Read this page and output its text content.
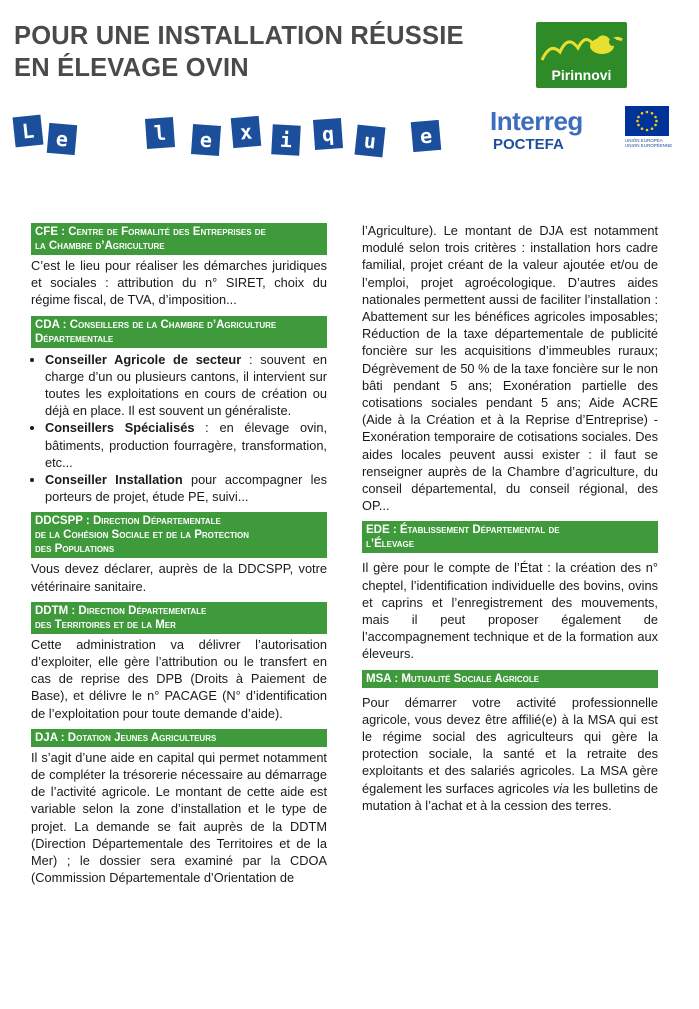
POUR UNE INSTALLATION RÉUSSIE
EN ÉLEVAGE OVIN
L e	l	e	x	i	q	u	e
Pirinnovi
Interreg
POCTEFA	UNIÓN EUROPEA
UNION EUROPÉENNE
CFE : Centre de Formalité des Entreprises de
la Chambre d’Agriculture

C’est le lieu pour réaliser les démarches juridiques et sociales : attribution du n° SIRET, choix du régime fiscal, de TVA, d’imposition...

CDA : Conseillers de la Chambre d’Agriculture
Départementale
• Conseiller Agricole de secteur : souvent en charge d’un ou plusieurs cantons, il intervient sur toutes les exploitations en cours de création ou déjà en place. Il est souvent un généraliste.
• Conseillers Spécialisés : en élevage ovin, bâtiments, production fourragère, transformation, etc...
• Conseiller Installation pour accompagner les porteurs de projet, étude PE, suivi...
DDCSPP : Direction Départementale
de la Cohésion Sociale et de la Protection
des Populations

Vous devez déclarer, auprès de la DDCSPP, votre vétérinaire sanitaire.

DDTM : Direction Départementale
des Territoires et de la Mer

Cette administration va délivrer l’autorisation d’exploiter, elle gère l’attribution ou le transfert en cas de reprise des DPB (Droits à Paiement de Base), et délivre le n° PACAGE (N° d’identification de l’exploitation pour toute demande d’aide).

DJA : Dotation Jeunes Agriculteurs

Il s’agit d’une aide en capital qui permet notamment de compléter la trésorerie nécessaire au démarrage de l’activité agricole. Le montant de cette aide est variable selon la zone d’installation et le type de projet. La demande se fait auprès de la DDTM (Direction Départementale des Territoires et de la Mer) ; le dossier sera examiné par la CDOA (Commission Départementale d’Orientation de

l’Agriculture). Le montant de DJA est notamment modulé selon trois critères : installation hors cadre familial, projet créant de la valeur ajoutée et/ou de l’emploi, projet agroécologique. D’autres aides nationales permettent aussi de faciliter l’installation : Abattement sur les bénéfices agricoles imposables; Réduction de la taxe départementale de publicité foncière sur les acquisitions d’immeubles ruraux; Dégrèvement de 50 % de la taxe foncière sur le non bâti pendant 5 ans; Exonération partielle des cotisations sociales pendant 5 ans; Aide ACRE (Aide à la Création et à la Reprise d’Entreprise) - Exonération temporaire de cotisations sociales. Des aides locales peuvent aussi exister : il faut se renseigner auprès de la Chambre d’agriculture, du conseil départemental, du conseil régional, des OP...

EDE : Établissement Départemental de
l’Élevage

Il gère pour le compte de l’État : la création des n° cheptel, l’identification individuelle des bovins, ovins et caprins et l’enregistrement des mouvements, mais il peut proposer également de l’accompagnement technique et de la formation aux éleveurs.

MSA : Mutualité Sociale Agricole

Pour démarrer votre activité professionnelle agricole, vous devez être affilié(e) à la MSA qui est le régime social des agriculteurs qui gère la protection sociale, la santé et la retraite des exploitants et des salariés agricoles. La MSA gère également les surfaces agricoles via les bulletins de mutation à l’achat et à la cession des terres.
